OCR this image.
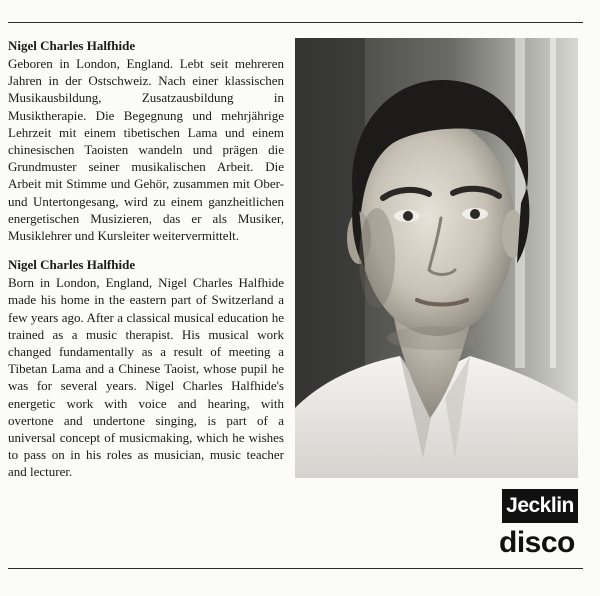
Nigel Charles Halfhide

Geboren in London, England. Lebt seit mehreren Jahren in der Ostschweiz. Nach einer klassischen Musikausbildung, Zusatzausbildung in Musiktherapie. Die Begegnung und mehrjährige Lehrzeit mit einem tibetischen Lama und einem chinesischen Taoisten wandeln und prägen die Grundmuster seiner musikalischen Arbeit. Die Arbeit mit Stimme und Gehör, zusammen mit Ober- und Untertongesang, wird zu einem ganzheitlichen energetischen Musizieren, das er als Musiker, Musiklehrer und Kursleiter weitervermittelt.

Nigel Charles Halfhide

Born in London, England, Nigel Charles Halfhide made his home in the eastern part of Switzerland a few years ago. After a classical musical education he trained as a music therapist. His musical work changed fundamentally as a result of meeting a Tibetan Lama and a Chinese Taoist, whose pupil he was for several years. Nigel Charles Halfhide's energetic work with voice and hearing, with overtone and undertone singing, is part of a universal concept of musicmaking, which he wishes to pass on in his roles as musician, music teacher and lecturer.

Jecklin
disco
